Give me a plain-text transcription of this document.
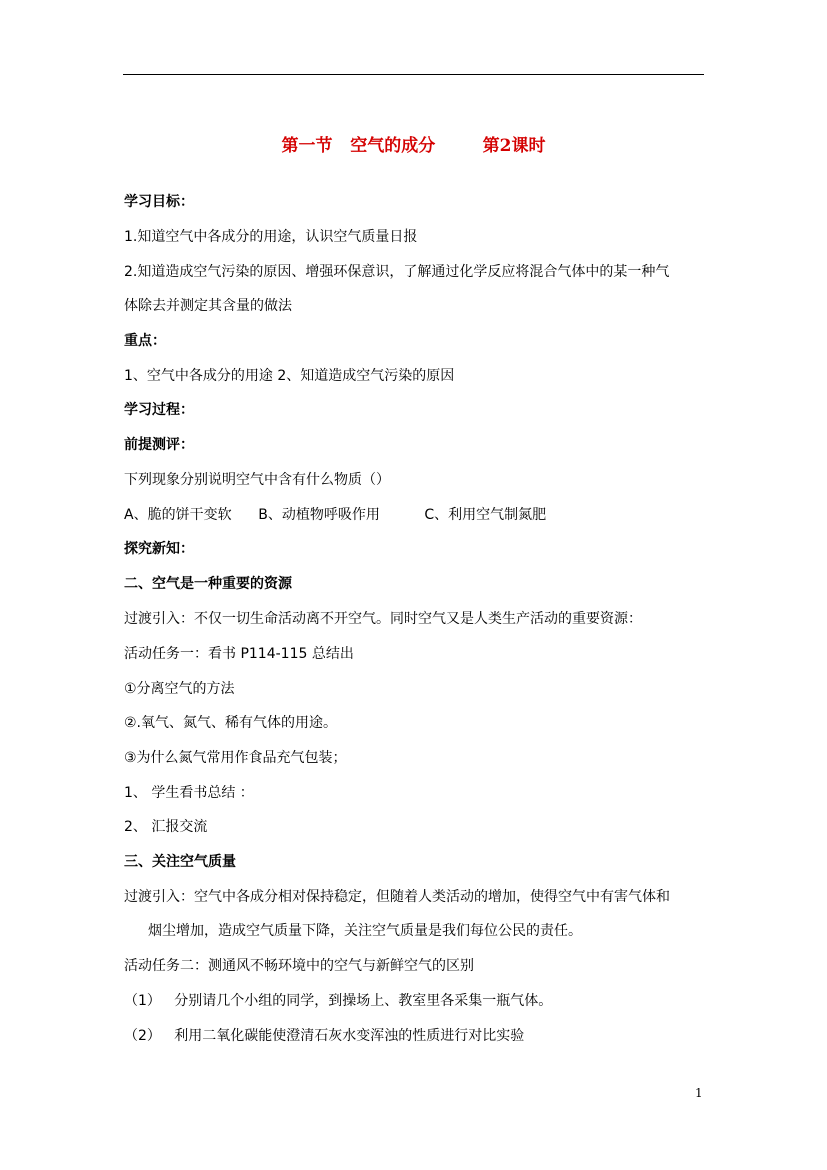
第一节   空气的成分        第2课时
学习目标：
1.知道空气中各成分的用途，认识空气质量日报
2.知道造成空气污染的原因、增强环保意识，了解通过化学反应将混合气体中的某一种气
体除去并测定其含量的做法
重点：
1、空气中各成分的用途 2、知道造成空气污染的原因
学习过程：
前提测评：
下列现象分别说明空气中含有什么物质（）
A、脆的饼干变软      B、动植物呼吸作用          C、利用空气制氮肥
探究新知：
二、空气是一种重要的资源
过渡引入：不仅一切生命活动离不开空气。同时空气又是人类生产活动的重要资源：
活动任务一：看书 P114-115 总结出
①分离空气的方法
②.氧气、氮气、稀有气体的用途。
③为什么氮气常用作食品充气包装；
1、 学生看书总结 ：
2、 汇报交流
三、关注空气质量
过渡引入：空气中各成分相对保持稳定，但随着人类活动的增加，使得空气中有害气体和
烟尘增加，造成空气质量下降，关注空气质量是我们每位公民的责任。
活动任务二：测通风不畅环境中的空气与新鲜空气的区别
（1）   分别请几个小组的同学，到操场上、教室里各采集一瓶气体。
（2）   利用二氧化碳能使澄清石灰水变浑浊的性质进行对比实验
1
